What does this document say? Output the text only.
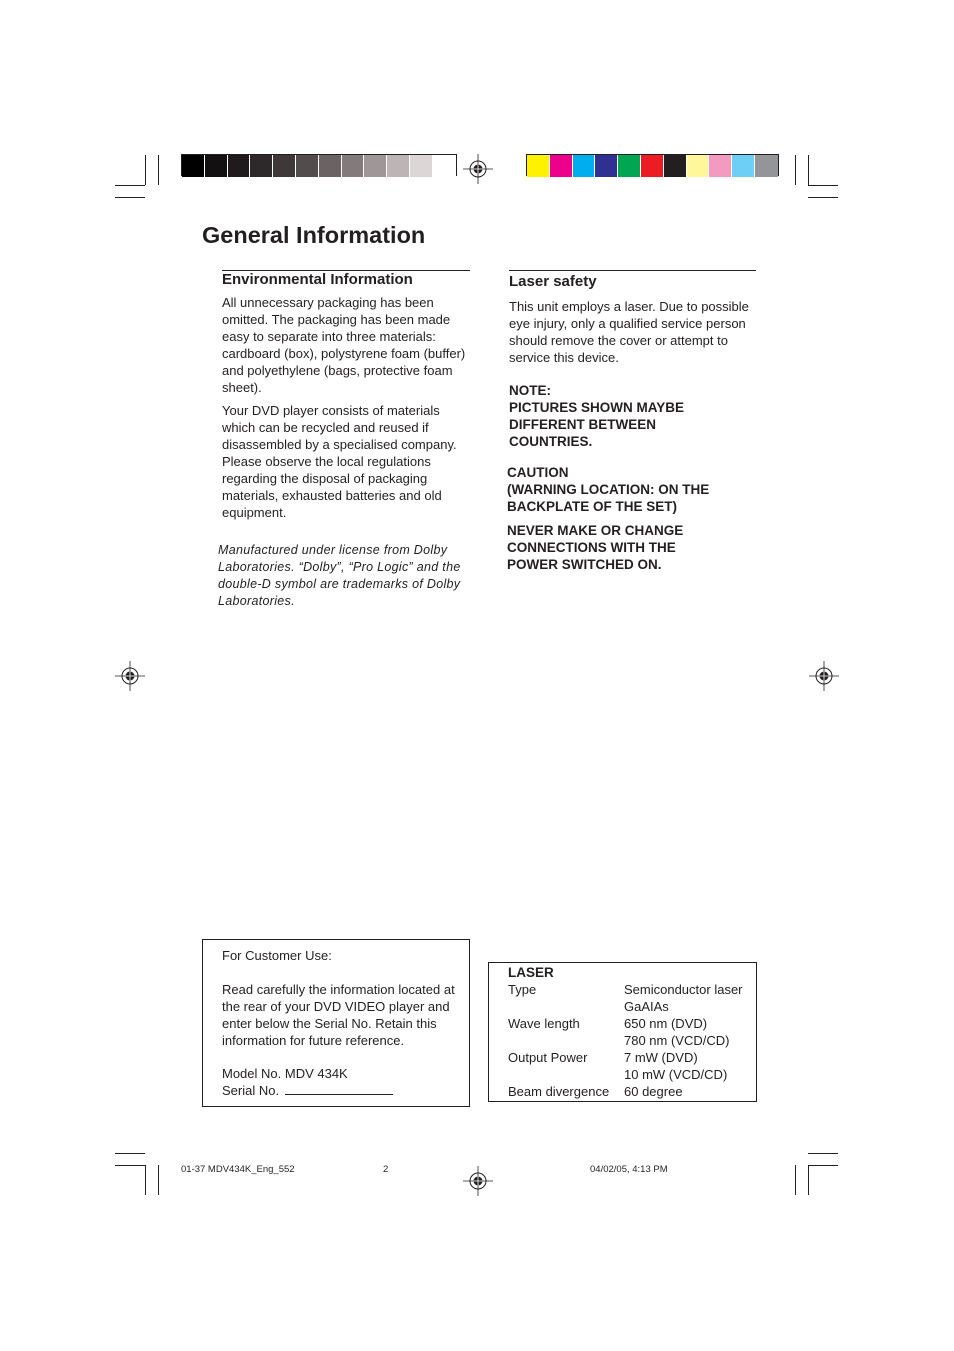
General Information
Environmental Information

All unnecessary packaging has been omitted. The packaging has been made easy to separate into three materials: cardboard (box), polystyrene foam (buffer) and polyethylene (bags, protective foam sheet).

Your DVD player consists of materials which can be recycled and reused if disassembled by a specialised company. Please observe the local regulations regarding the disposal of packaging materials, exhausted batteries and old equipment.

Manufactured under license from Dolby Laboratories. “Dolby”, “Pro Logic” and the double-D symbol are trademarks of Dolby Laboratories.

Laser safety

This unit employs a laser. Due to possible eye injury, only a qualified service person should remove the cover or attempt to service this device.

NOTE:

PICTURES SHOWN MAYBE DIFFERENT BETWEEN COUNTRIES.

CAUTION

(WARNING LOCATION: ON THE BACKPLATE OF THE SET)

NEVER MAKE OR CHANGE CONNECTIONS WITH THE POWER SWITCHED ON.

For Customer Use:

Read carefully the information located at the rear of your DVD VIDEO player and enter below the Serial No. Retain this information for future reference.

Model No. MDV 434K
Serial No.
LASER
Type	Semiconductor laser
GaAIAs
Wave length	650 nm (DVD)
780 nm (VCD/CD)
Output Power	7 mW (DVD)
10 mW (VCD/CD)
Beam divergence	60 degree
01-37 MDV434K_Eng_552	2	04/02/05, 4:13 PM
